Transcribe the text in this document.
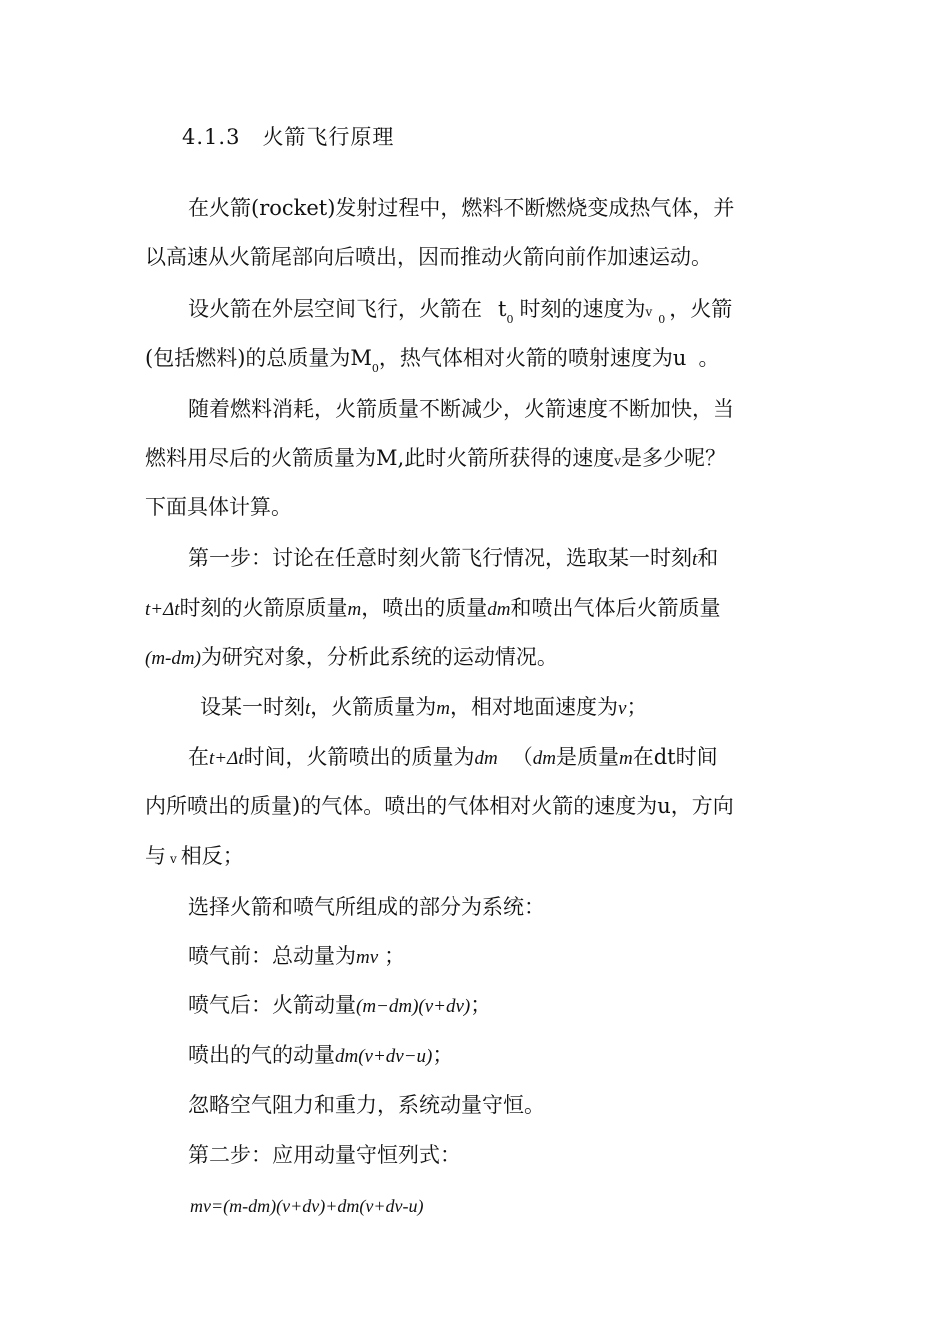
4.1.3 火箭飞行原理
在火箭(rocket)发射过程中，燃料不断燃烧变成热气体，并
以高速从火箭尾部向后喷出，因而推动火箭向前作加速运动。
设火箭在外层空间飞行，火箭在 $t_0$ 时刻的速度为$v_0$ ，火箭
(包括燃料)的总质量为$M_0$，热气体相对火箭的喷射速度为u 。
随着燃料消耗，火箭质量不断减少，火箭速度不断加快，当
燃料用尽后的火箭质量为M,此时火箭所获得的速度v是多少呢？
下面具体计算。
第一步：讨论在任意时刻火箭飞行情况，选取某一时刻t和
t+Δt时刻的火箭原质量m，喷出的质量dm和喷出气体后火箭质量
(m-dm)为研究对象，分析此系统的运动情况。
设某一时刻t，火箭质量为m，相对地面速度为v；
在t+Δt时间，火箭喷出的质量为dm （dm是质量m在dt时间
内所喷出的质量)的气体。喷出的气体相对火箭的速度为u，方向
与v 相反；
选择火箭和喷气所组成的部分为系统：
喷气前：总动量为mv ；
喷气后：火箭动量(m−dm)(v+dv)；
喷出的气的动量dm(v+dv−u)；
忽略空气阻力和重力，系统动量守恒。
第二步：应用动量守恒列式：
mv=(m-dm)(v+dv)+dm(v+dv-u)
